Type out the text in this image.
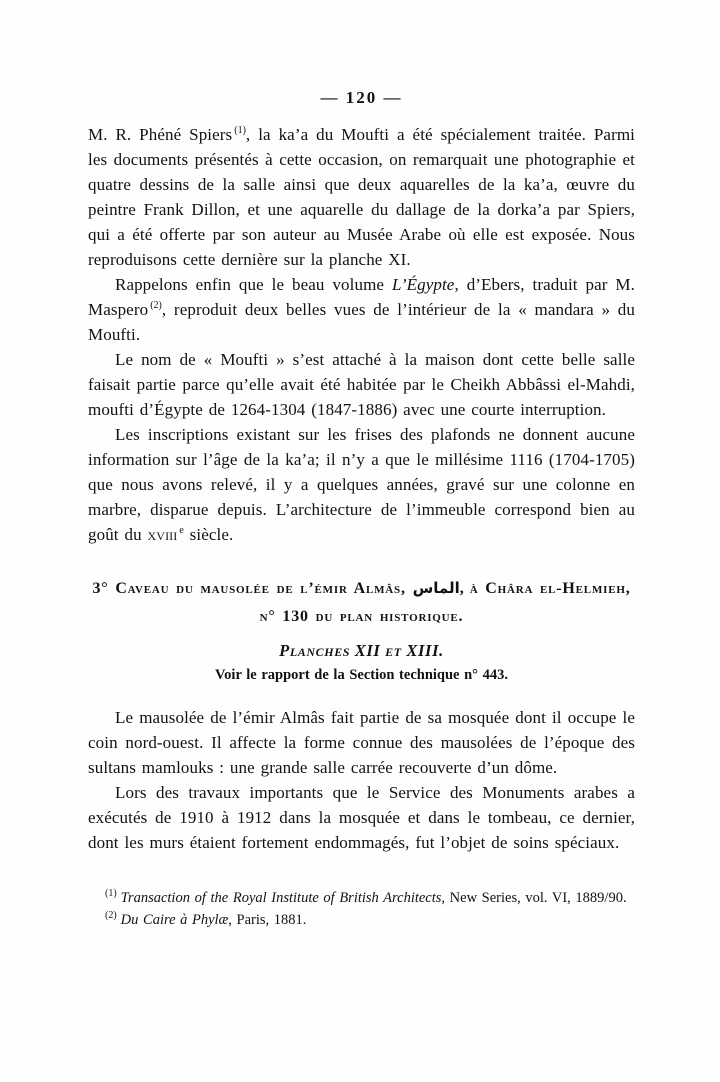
— 120 —

M. R. Phéné Spiers $^{(1)}$, la ka’a du Moufti a été spécialement traitée. Parmi les documents présentés à cette occasion, on remarquait une photographie et quatre dessins de la salle ainsi que deux aquarelles de la ka’a, œuvre du peintre Frank Dillon, et une aquarelle du dallage de la dorka’a par Spiers, qui a été offerte par son auteur au Musée Arabe où elle est exposée. Nous reproduisons cette dernière sur la planche XI.

Rappelons enfin que le beau volume L’Égypte, d’Ebers, traduit par M. Maspero $^{(2)}$, reproduit deux belles vues de l’intérieur de la « mandara » du Moufti.

Le nom de « Moufti » s’est attaché à la maison dont cette belle salle faisait partie parce qu’elle avait été habitée par le Cheikh Abbâssi el-Mahdi, moufti d’Égypte de 1264-1304 (1847-1886) avec une courte interruption.

Les inscriptions existant sur les frises des plafonds ne donnent aucune information sur l’âge de la ka’a; il n’y a que le millésime 1116 (1704-1705) que nous avons relevé, il y a quelques années, gravé sur une colonne en marbre, disparue depuis. L’architecture de l’immeuble correspond bien au goût du xviii $^e$ siècle.

3° Caveau du mausolée de l’émir Almâs, الماس, à Châra el-Helmieh,
n° 130 du plan historique.
Planches XII et XIII.
Voir le rapport de la Section technique n° 443.

Le mausolée de l’émir Almâs fait partie de sa mosquée dont il occupe le coin nord-ouest. Il affecte la forme connue des mausolées de l’époque des sultans mamlouks : une grande salle carrée recouverte d’un dôme.

Lors des travaux importants que le Service des Monuments arabes a exécutés de 1910 à 1912 dans la mosquée et dans le tombeau, ce dernier, dont les murs étaient fortement endommagés, fut l’objet de soins spéciaux.

$^{(1)}$ Transaction of the Royal Institute of British Architects, New Series, vol. VI, 1889/90.
$^{(2)}$ Du Caire à Phylæ, Paris, 1881.
